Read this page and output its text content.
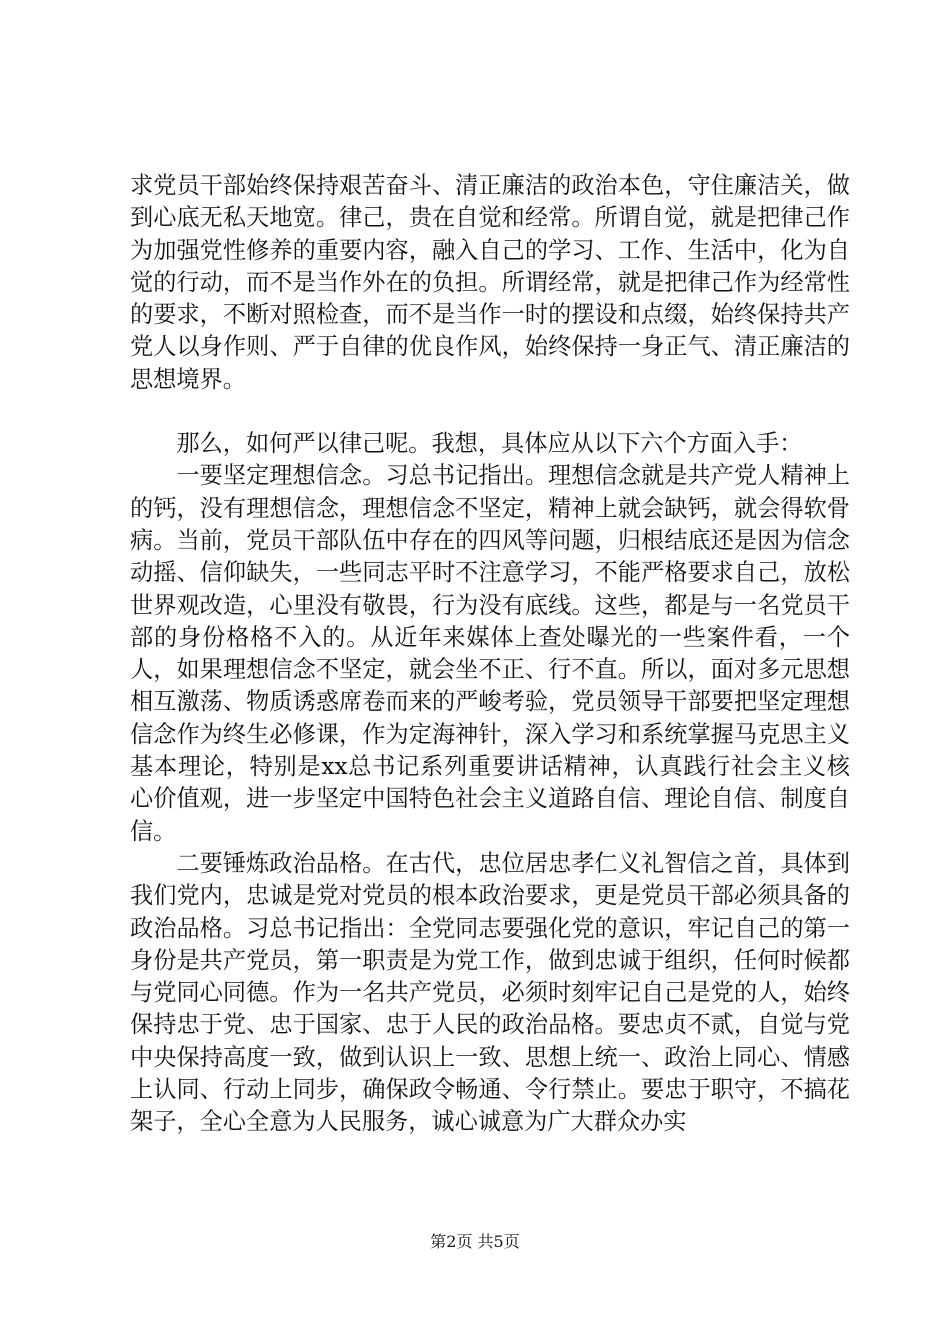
求党员干部始终保持艰苦奋斗、清正廉洁的政治本色，守住廉洁关，做到心底无私天地宽。律己，贵在自觉和经常。所谓自觉，就是把律己作为加强党性修养的重要内容，融入自己的学习、工作、生活中，化为自觉的行动，而不是当作外在的负担。所谓经常，就是把律己作为经常性的要求，不断对照检查，而不是当作一时的摆设和点缀，始终保持共产党人以身作则、严于自律的优良作风，始终保持一身正气、清正廉洁的思想境界。

那么，如何严以律己呢。我想，具体应从以下六个方面入手：

一要坚定理想信念。习总书记指出。理想信念就是共产党人精神上的钙，没有理想信念，理想信念不坚定，精神上就会缺钙，就会得软骨病。当前，党员干部队伍中存在的四风等问题，归根结底还是因为信念动摇、信仰缺失，一些同志平时不注意学习，不能严格要求自己，放松世界观改造，心里没有敬畏，行为没有底线。这些，都是与一名党员干部的身份格格不入的。从近年来媒体上查处曝光的一些案件看，一个人，如果理想信念不坚定，就会坐不正、行不直。所以，面对多元思想相互激荡、物质诱惑席卷而来的严峻考验，党员领导干部要把坚定理想信念作为终生必修课，作为定海神针，深入学习和系统掌握马克思主义基本理论，特别是xx总书记系列重要讲话精神，认真践行社会主义核心价值观，进一步坚定中国特色社会主义道路自信、理论自信、制度自信。

二要锤炼政治品格。在古代，忠位居忠孝仁义礼智信之首，具体到我们党内，忠诚是党对党员的根本政治要求，更是党员干部必须具备的政治品格。习总书记指出：全党同志要强化党的意识，牢记自己的第一身份是共产党员，第一职责是为党工作，做到忠诚于组织，任何时候都与党同心同德。作为一名共产党员，必须时刻牢记自己是党的人，始终保持忠于党、忠于国家、忠于人民的政治品格。要忠贞不贰，自觉与党中央保持高度一致，做到认识上一致、思想上统一、政治上同心、情感上认同、行动上同步，确保政令畅通、令行禁止。要忠于职守，不搞花架子，全心全意为人民服务，诚心诚意为广大群众办实

第2页 共5页
